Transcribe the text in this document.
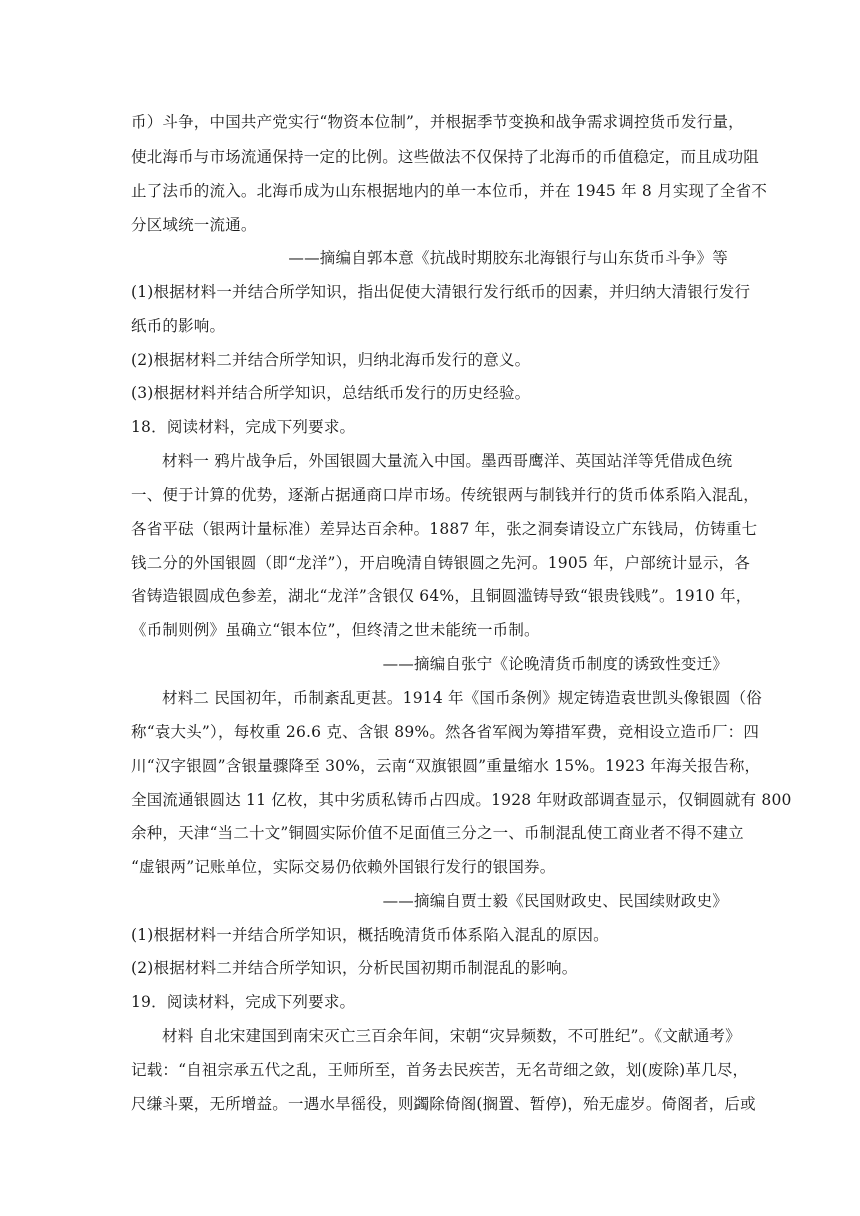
币）斗争，中国共产党实行“物资本位制”，并根据季节变换和战争需求调控货币发行量，
使北海币与市场流通保持一定的比例。这些做法不仅保持了北海币的币值稳定，而且成功阻
止了法币的流入。北海币成为山东根据地内的单一本位币，并在 1945 年 8 月实现了全省不
分区域统一流通。
——摘编自郭本意《抗战时期胶东北海银行与山东货币斗争》等
(1)根据材料一并结合所学知识，指出促使大清银行发行纸币的因素，并归纳大清银行发行
纸币的影响。
(2)根据材料二并结合所学知识，归纳北海币发行的意义。
(3)根据材料并结合所学知识，总结纸币发行的历史经验。
18．阅读材料，完成下列要求。
材料一 鸦片战争后，外国银圆大量流入中国。墨西哥鹰洋、英国站洋等凭借成色统
一、便于计算的优势，逐渐占据通商口岸市场。传统银两与制钱并行的货币体系陷入混乱，
各省平砝（银两计量标准）差异达百余种。1887 年，张之洞奏请设立广东钱局，仿铸重七
钱二分的外国银圆（即“龙洋”），开启晚清自铸银圆之先河。1905 年，户部统计显示，各
省铸造银圆成色参差，湖北“龙洋”含银仅 64%，且铜圆滥铸导致“银贵钱贱”。1910 年，
《币制则例》虽确立“银本位”，但终清之世未能统一币制。
——摘编自张宁《论晚清货币制度的诱致性变迁》
材料二 民国初年，币制紊乱更甚。1914 年《国币条例》规定铸造袁世凯头像银圆（俗
称“袁大头”），每枚重 26.6 克、含银 89%。然各省军阀为筹措军费，竞相设立造币厂：四
川“汉字银圆”含银量骤降至 30%，云南“双旗银圆”重量缩水 15%。1923 年海关报告称，
全国流通银圆达 11 亿枚，其中劣质私铸币占四成。1928 年财政部调查显示，仅铜圆就有 800
余种，天津“当二十文”铜圆实际价值不足面值三分之一、币制混乱使工商业者不得不建立
“虚银两”记账单位，实际交易仍依赖外国银行发行的银国券。
——摘编自贾士毅《民国财政史、民国续财政史》
(1)根据材料一并结合所学知识，概括晚清货币体系陷入混乱的原因。
(2)根据材料二并结合所学知识，分析民国初期币制混乱的影响。
19．阅读材料，完成下列要求。
材料 自北宋建国到南宋灭亡三百余年间，宋朝“灾异频数，不可胜纪”。《文献通考》
记载：“自祖宗承五代之乱，王师所至，首务去民疾苦，无名苛细之敛，划(废除)革几尽，
尺缣斗粟，无所增益。一遇水旱徭役，则蠲除倚阁(搁置、暂停)，殆无虚岁。倚阁者，后或
